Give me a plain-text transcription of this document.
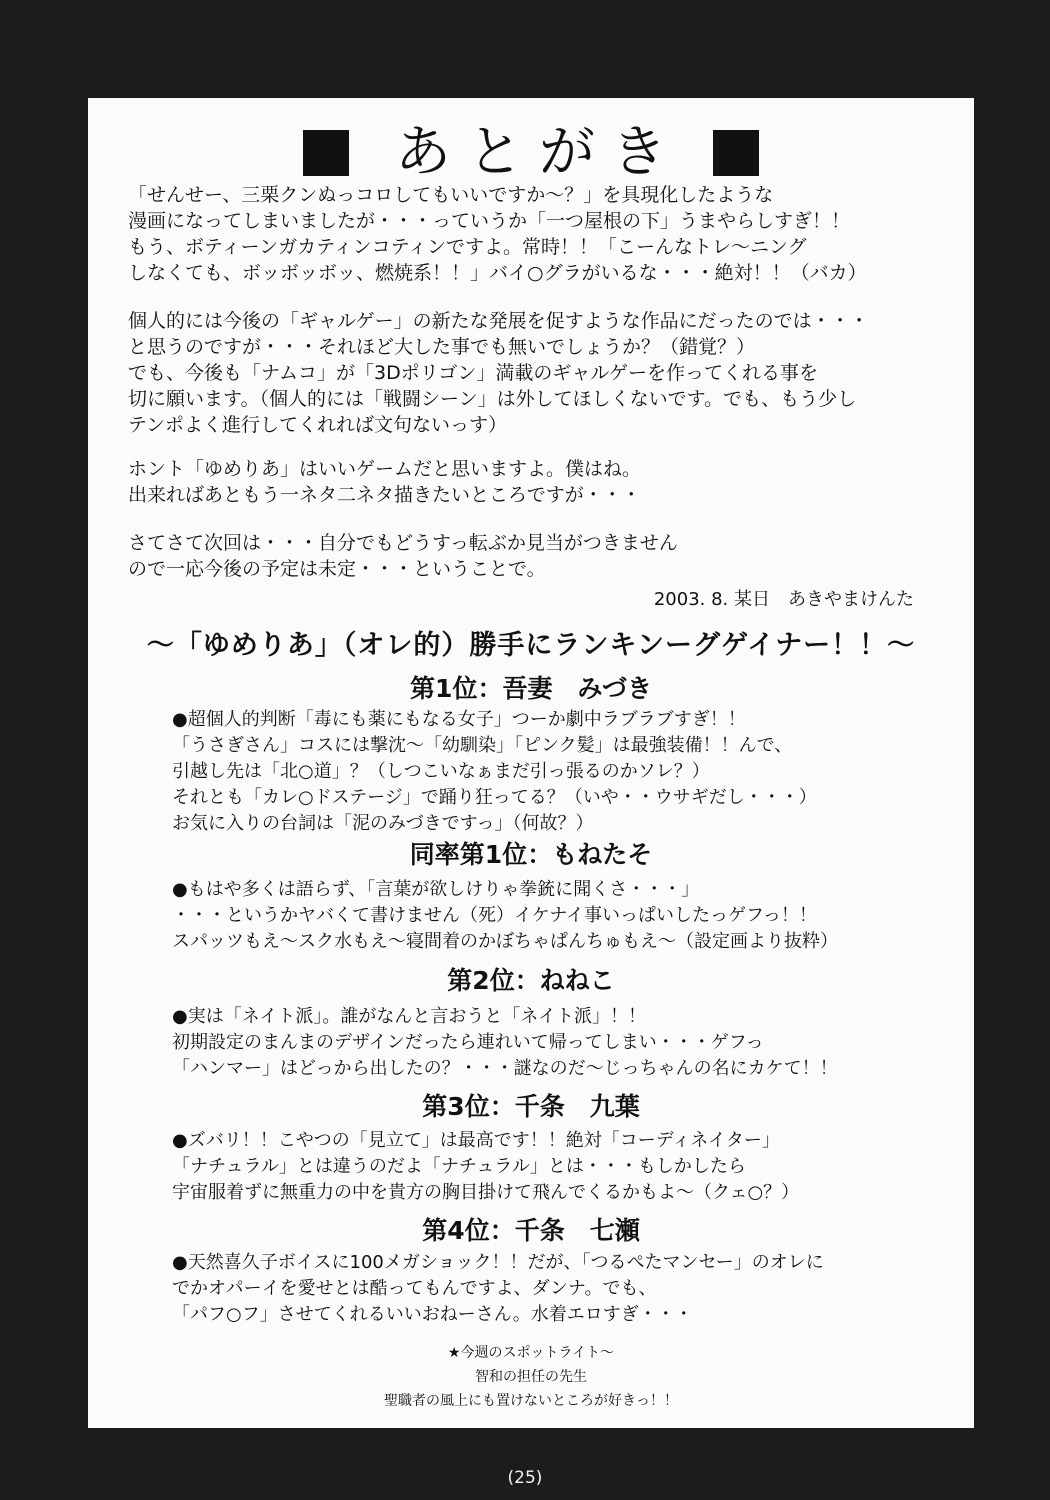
あとがき
「せんせー、三栗クンぬっコロしてもいいですか～？」を具現化したような
漫画になってしまいましたが・・・っていうか「一つ屋根の下」うまやらしすぎ！！
もう、ボティーンガカティンコティンですよ。常時！！「こーんなトレ～ニング
しなくても、ボッボッボッ、燃焼系！！」バイ○グラがいるな・・・絶対！！（バカ）
個人的には今後の「ギャルゲー」の新たな発展を促すような作品にだったのでは・・・
と思うのですが・・・それほど大した事でも無いでしょうか？（錯覚？）
でも、今後も「ナムコ」が「3Dポリゴン」満載のギャルゲーを作ってくれる事を
切に願います。（個人的には「戦闘シーン」は外してほしくないです。でも、もう少し
テンポよく進行してくれれば文句ないっす）
ホント「ゆめりあ」はいいゲームだと思いますよ。僕はね。
出来ればあともう一ネタ二ネタ描きたいところですが・・・
さてさて次回は・・・自分でもどうすっ転ぶか見当がつきません
ので一応今後の予定は未定・・・ということで。
2003. 8. 某日　あきやまけんた
～「ゆめりあ」（オレ的）勝手にランキンーグゲイナー！！～
第1位：吾妻　みづき
●超個人的判断「毒にも薬にもなる女子」つーか劇中ラブラブすぎ！！
「うさぎさん」コスには撃沈～「幼馴染」「ピンク髪」は最強装備！！んで、
引越し先は「北○道」？（しつこいなぁまだ引っ張るのかソレ？）
それとも「カレ○ドステージ」で踊り狂ってる？（いや・・ウサギだし・・・）
お気に入りの台詞は「泥のみづきですっ」（何故？）
同率第1位：もねたそ
●もはや多くは語らず、「言葉が欲しけりゃ拳銃に聞くさ・・・」
・・・というかヤバくて書けません（死）イケナイ事いっぱいしたっゲフっ！！
スパッツもえ～スク水もえ～寝間着のかぼちゃぱんちゅもえ～（設定画より抜粋）
第2位：ねねこ
●実は「ネイト派」。誰がなんと言おうと「ネイト派」！！
初期設定のまんまのデザインだったら連れいて帰ってしまい・・・ゲフっ
「ハンマー」はどっから出したの？・・・謎なのだ～じっちゃんの名にカケて！！
第3位：千条　九葉
●ズバリ！！こやつの「見立て」は最高です！！絶対「コーディネイター」
「ナチュラル」とは違うのだよ「ナチュラル」とは・・・もしかしたら
宇宙服着ずに無重力の中を貴方の胸目掛けて飛んでくるかもよ～（クェ○？）
第4位：千条　七瀬
●天然喜久子ボイスに100メガショック！！だが、「つるぺたマンセー」のオレに
でかオパーイを愛せとは酷ってもんですよ、ダンナ。でも、
「パフ○フ」させてくれるいいおねーさん。水着エロすぎ・・・
★今週のスポットライト～
智和の担任の先生
聖職者の風上にも置けないところが好きっ！！
(25)
